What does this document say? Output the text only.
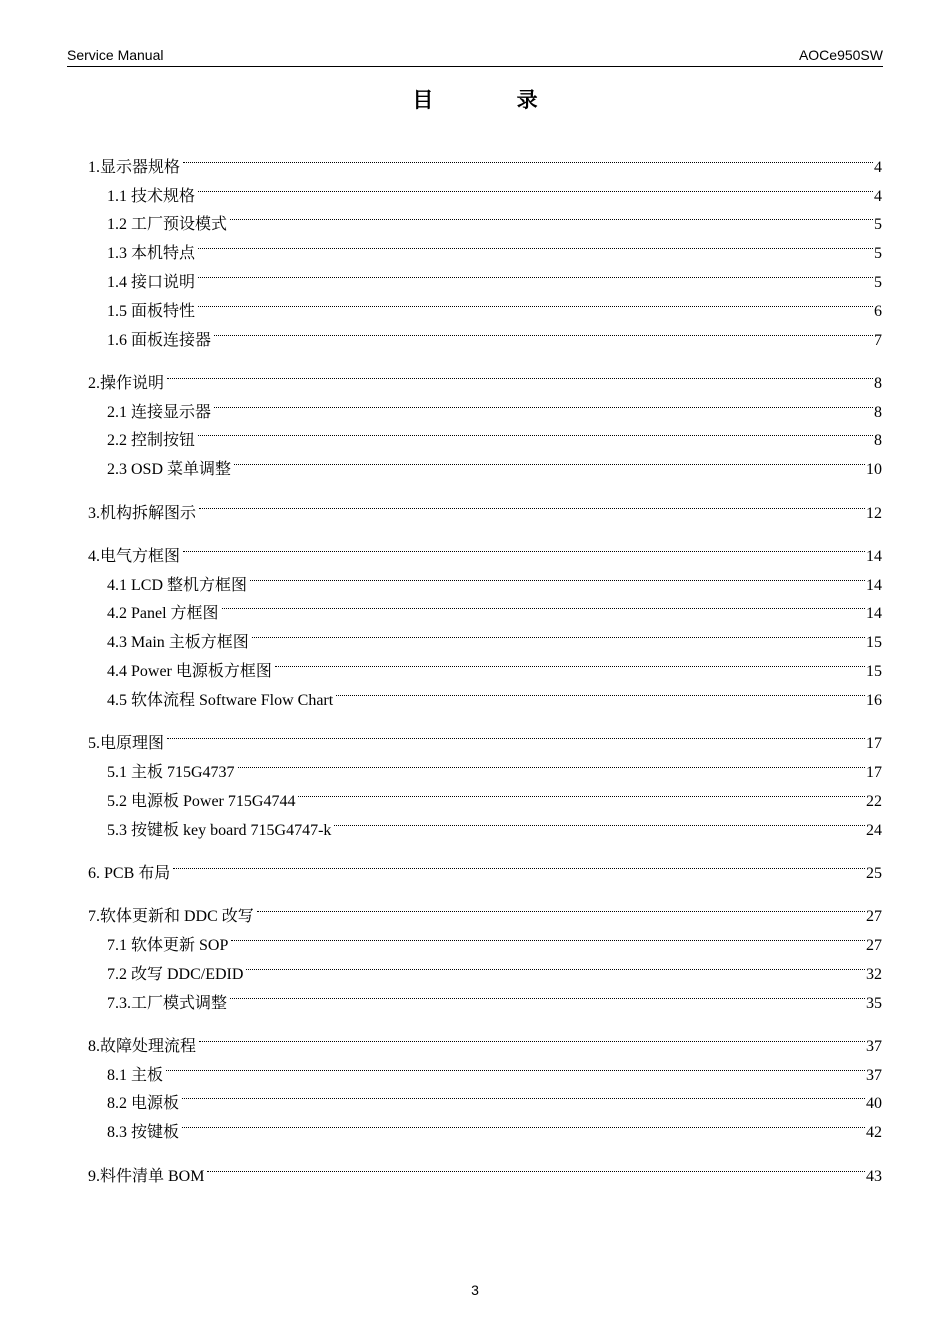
Service Manual	AOCe950SW
目 录
1.显示器规格	4
1.1 技术规格	4
1.2 工厂预设模式	5
1.3 本机特点	5
1.4 接口说明	5
1.5 面板特性	6
1.6 面板连接器	7
2.操作说明	8
2.1 连接显示器	8
2.2 控制按钮	8
2.3 OSD 菜单调整	10
3.机构拆解图示	12
4.电气方框图	14
4.1 LCD 整机方框图	14
4.2 Panel 方框图	14
4.3 Main 主板方框图	15
4.4 Power 电源板方框图	15
4.5 软体流程 Software Flow Chart	16
5.电原理图	17
5.1 主板 715G4737	17
5.2 电源板 Power 715G4744	22
5.3 按键板 key board 715G4747-k	24
6. PCB 布局	25
7.软体更新和 DDC 改写	27
7.1 软体更新 SOP	27
7.2 改写 DDC/EDID	32
7.3.工厂模式调整	35
8.故障处理流程	37
8.1 主板	37
8.2 电源板	40
8.3 按键板	42
9.料件清单 BOM	43
3
